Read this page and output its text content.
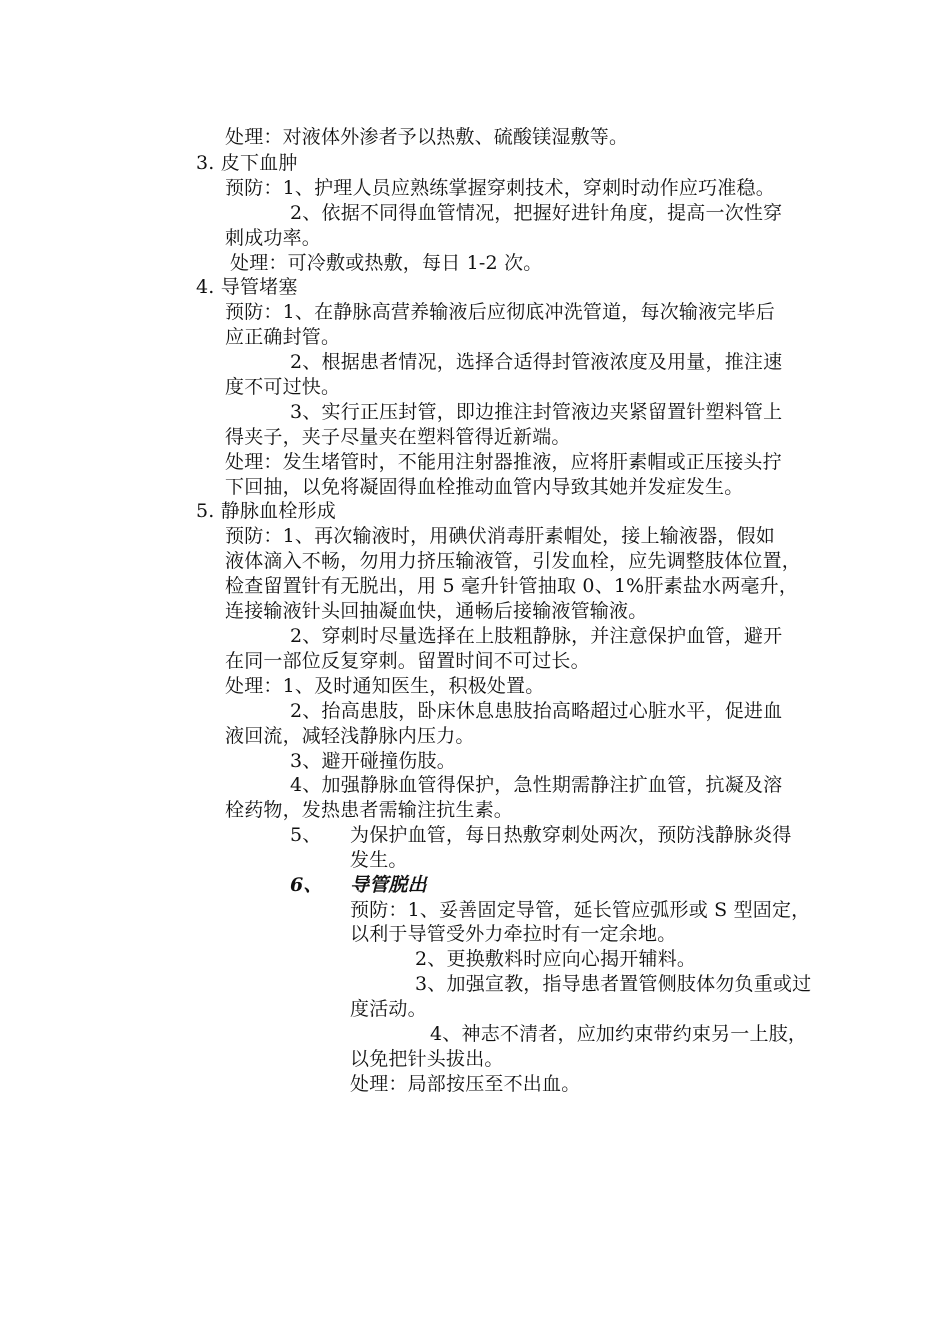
处理：对液体外渗者予以热敷、硫酸镁湿敷等。
3. 皮下血肿
预防：1、护理人员应熟练掌握穿刺技术，穿刺时动作应巧准稳。
2、依据不同得血管情况，把握好进针角度，提高一次性穿
刺成功率。
处理：可冷敷或热敷，每日 1-2 次。
4. 导管堵塞
预防：1、在静脉高营养输液后应彻底冲洗管道，每次输液完毕后
应正确封管。
2、根据患者情况，选择合适得封管液浓度及用量，推注速
度不可过快。
3、实行正压封管，即边推注封管液边夹紧留置针塑料管上
得夹子，夹子尽量夹在塑料管得近新端。
处理：发生堵管时，不能用注射器推液，应将肝素帽或正压接头拧
下回抽，以免将凝固得血栓推动血管内导致其她并发症发生。
5. 静脉血栓形成
预防：1、再次输液时，用碘伏消毒肝素帽处，接上输液器，假如
液体滴入不畅，勿用力挤压输液管，引发血栓，应先调整肢体位置，
检查留置针有无脱出，用 5 毫升针管抽取 0、1%肝素盐水两毫升，
连接输液针头回抽凝血快，通畅后接输液管输液。
2、穿刺时尽量选择在上肢粗静脉，并注意保护血管，避开
在同一部位反复穿刺。留置时间不可过长。
处理：1、及时通知医生，积极处置。
2、抬高患肢，卧床休息患肢抬高略超过心脏水平，促进血
液回流，减轻浅静脉内压力。
3、避开碰撞伤肢。
4、加强静脉血管得保护，急性期需静注扩血管，抗凝及溶
栓药物，发热患者需输注抗生素。
5、 为保护血管，每日热敷穿刺处两次，预防浅静脉炎得
发生。
6、 导管脱出
预防：1、妥善固定导管，延长管应弧形或 S 型固定，
以利于导管受外力牵拉时有一定余地。
2、更换敷料时应向心揭开辅料。
3、加强宣教，指导患者置管侧肢体勿负重或过
度活动。
4、神志不清者，应加约束带约束另一上肢，
以免把针头拔出。
处理：局部按压至不出血。
